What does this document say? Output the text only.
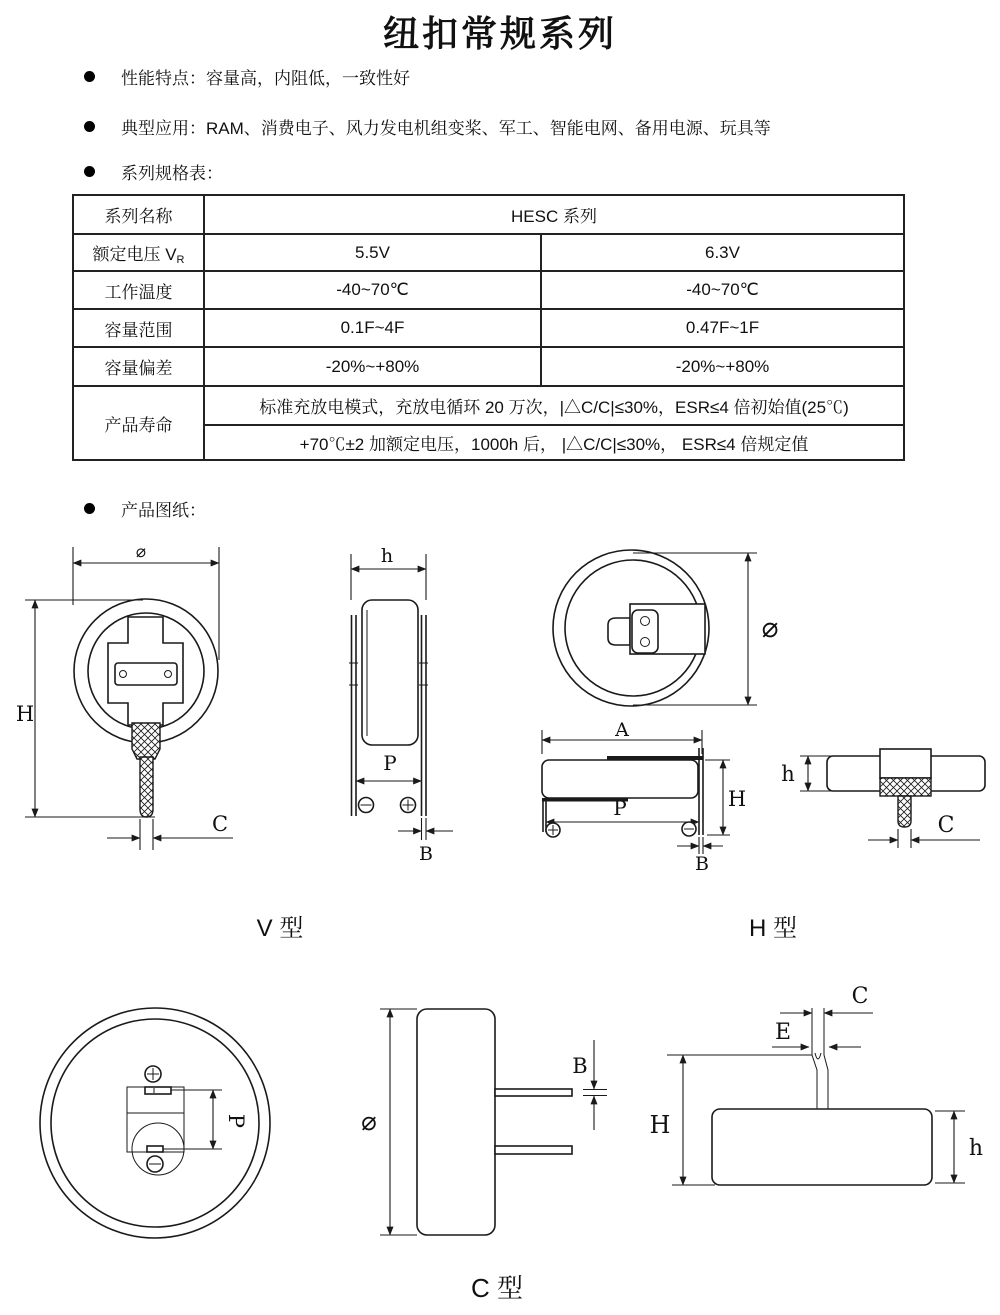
纽扣常规系列
性能特点：容量高，内阻低，一致性好
典型应用：RAM、消费电子、风力发电机组变桨、军工、智能电网、备用电源、玩具等
系列规格表：
系列名称	HESC 系列	
额定电压 $V_R$	5.5V	6.3V
工作温度	-40~70℃	-40~70℃
容量范围	0.1F~4F	0.47F~1F
容量偏差	-20%~+80%	-20%~+80%
产品寿命	标准充放电模式，充放电循环 20 万次，|△C/C|≤30%，ESR≤4 倍初始值(25℃)	
	+70℃±2 加额定电压，1000h 后， |△C/C|≤30%， ESR≤4 倍规定值	
产品图纸：
⌀
H
C
h
P
B
⌀
A
H
P
B
h
C
V 型	H 型
P	⌀
B
C
E
H
h
C 型
